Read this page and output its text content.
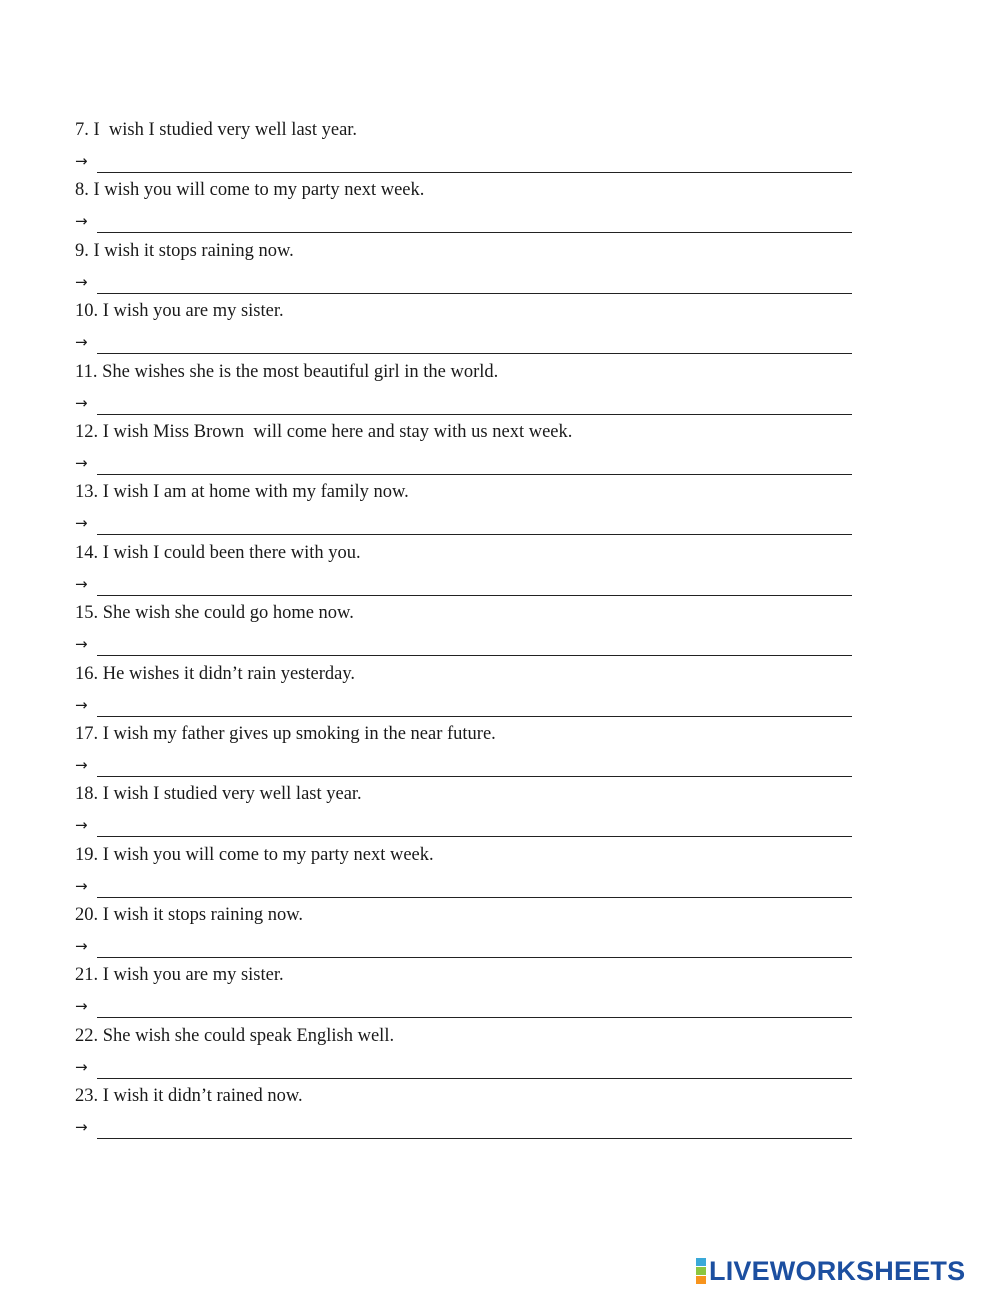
7. I  wish I studied very well last year.
→
8. I wish you will come to my party next week.
→
9. I wish it stops raining now.
→
10. I wish you are my sister.
→
11. She wishes she is the most beautiful girl in the world.
→
12. I wish Miss Brown  will come here and stay with us next week.
→
13. I wish I am at home with my family now.
→
14. I wish I could been there with you.
→
15. She wish she could go home now.
→
16. He wishes it didn’t rain yesterday.
→
17. I wish my father gives up smoking in the near future.
→
18. I wish I studied very well last year.
→
19. I wish you will come to my party next week.
→
20. I wish it stops raining now.
→
21. I wish you are my sister.
→
22. She wish she could speak English well.
→
23. I wish it didn’t rained now.
→
LIVEWORKSHEETS
